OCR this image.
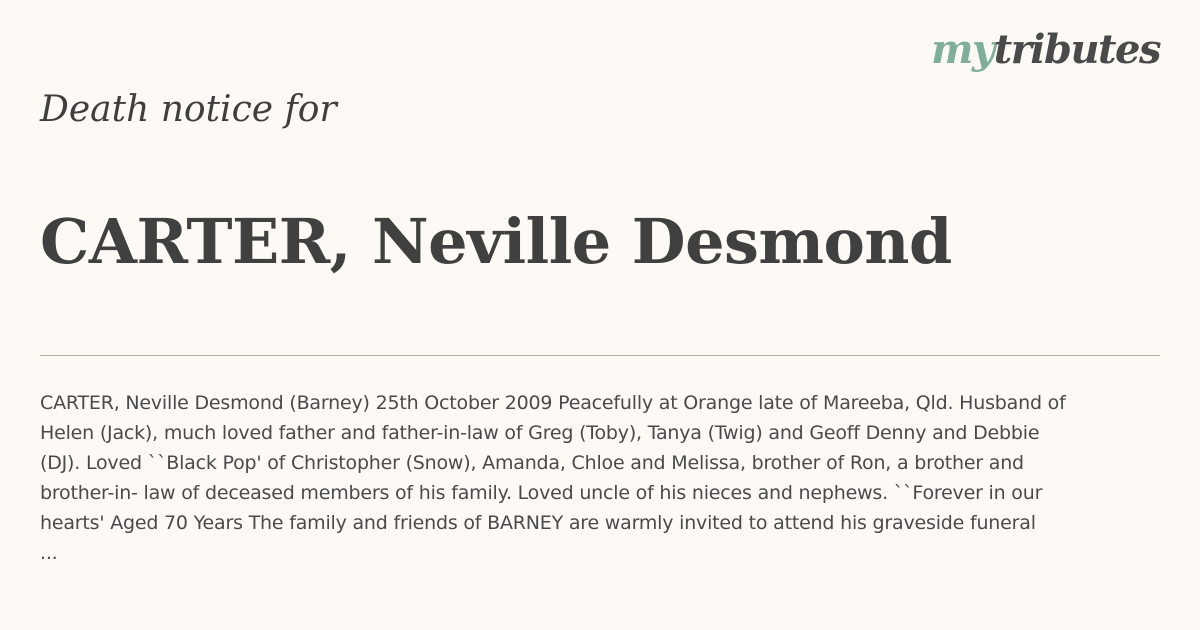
mytributes
Death notice for
CARTER, Neville Desmond
CARTER, Neville Desmond (Barney) 25th October 2009 Peacefully at Orange late of Mareeba, Qld. Husband of
Helen (Jack), much loved father and father-in-law of Greg (Toby), Tanya (Twig) and Geoff Denny and Debbie
(DJ). Loved ``Black Pop' of Christopher (Snow), Amanda, Chloe and Melissa, brother of Ron, a brother and
brother-in- law of deceased members of his family. Loved uncle of his nieces and nephews. ``Forever in our
hearts' Aged 70 Years The family and friends of BARNEY are warmly invited to attend his graveside funeral
...
